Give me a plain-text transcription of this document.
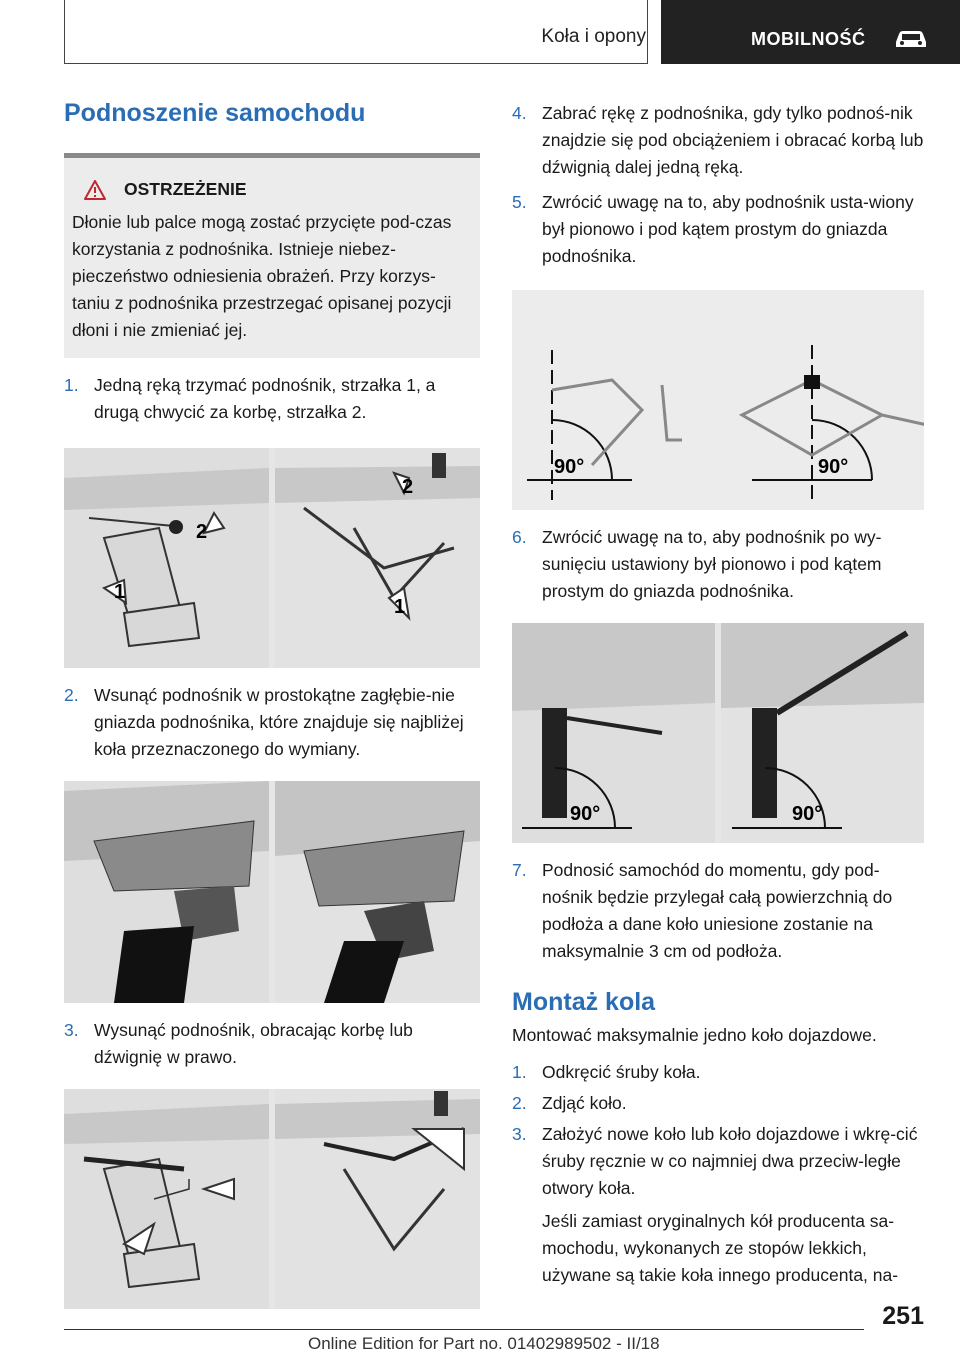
Koła i opony	MOBILNOŚĆ
Podnoszenie samochodu
OSTRZEŻENIE
Dłonie lub palce mogą zostać przycięte pod-czas korzystania z podnośnika. Istnieje niebez-pieczeństwo odniesienia obrażeń. Przy korzys-taniu z podnośnika przestrzegać opisanej pozycji dłoni i nie zmieniać jej.
1. Jedną ręką trzymać podnośnik, strzałka 1, a drugą chwycić za korbę, strzałka 2.
1
2
1
2
2. Wsunąć podnośnik w prostokątne zagłębie-nie gniazda podnośnika, które znajduje się najbliżej koła przeznaczonego do wymiany.
3. Wysunąć podnośnik, obracając korbę lub dźwignię w prawo.
4. Zabrać rękę z podnośnika, gdy tylko podnoś-nik znajdzie się pod obciążeniem i obracać korbą lub dźwignią dalej jedną ręką.
5. Zwrócić uwagę na to, aby podnośnik usta-wiony był pionowo i pod kątem prostym do gniazda podnośnika.
90°	90°
6. Zwrócić uwagę na to, aby podnośnik po wy-sunięciu ustawiony był pionowo i pod kątem prostym do gniazda podnośnika.
90°	90°
7. Podnosić samochód do momentu, gdy pod-nośnik będzie przylegał całą powierzchnią do podłoża a dane koło uniesione zostanie na maksymalnie 3 cm od podłoża.
Montaż kola
Montować maksymalnie jedno koło dojazdowe.
1. Odkręcić śruby koła.
2. Zdjąć koło.
3. Założyć nowe koło lub koło dojazdowe i wkrę-cić śruby ręcznie w co najmniej dwa przeciw-ległe otwory koła.
Jeśli zamiast oryginalnych kół producenta sa-mochodu, wykonanych ze stopów lekkich, używane są takie koła innego producenta, na-
251
Online Edition for Part no. 01402989502 - II/18
